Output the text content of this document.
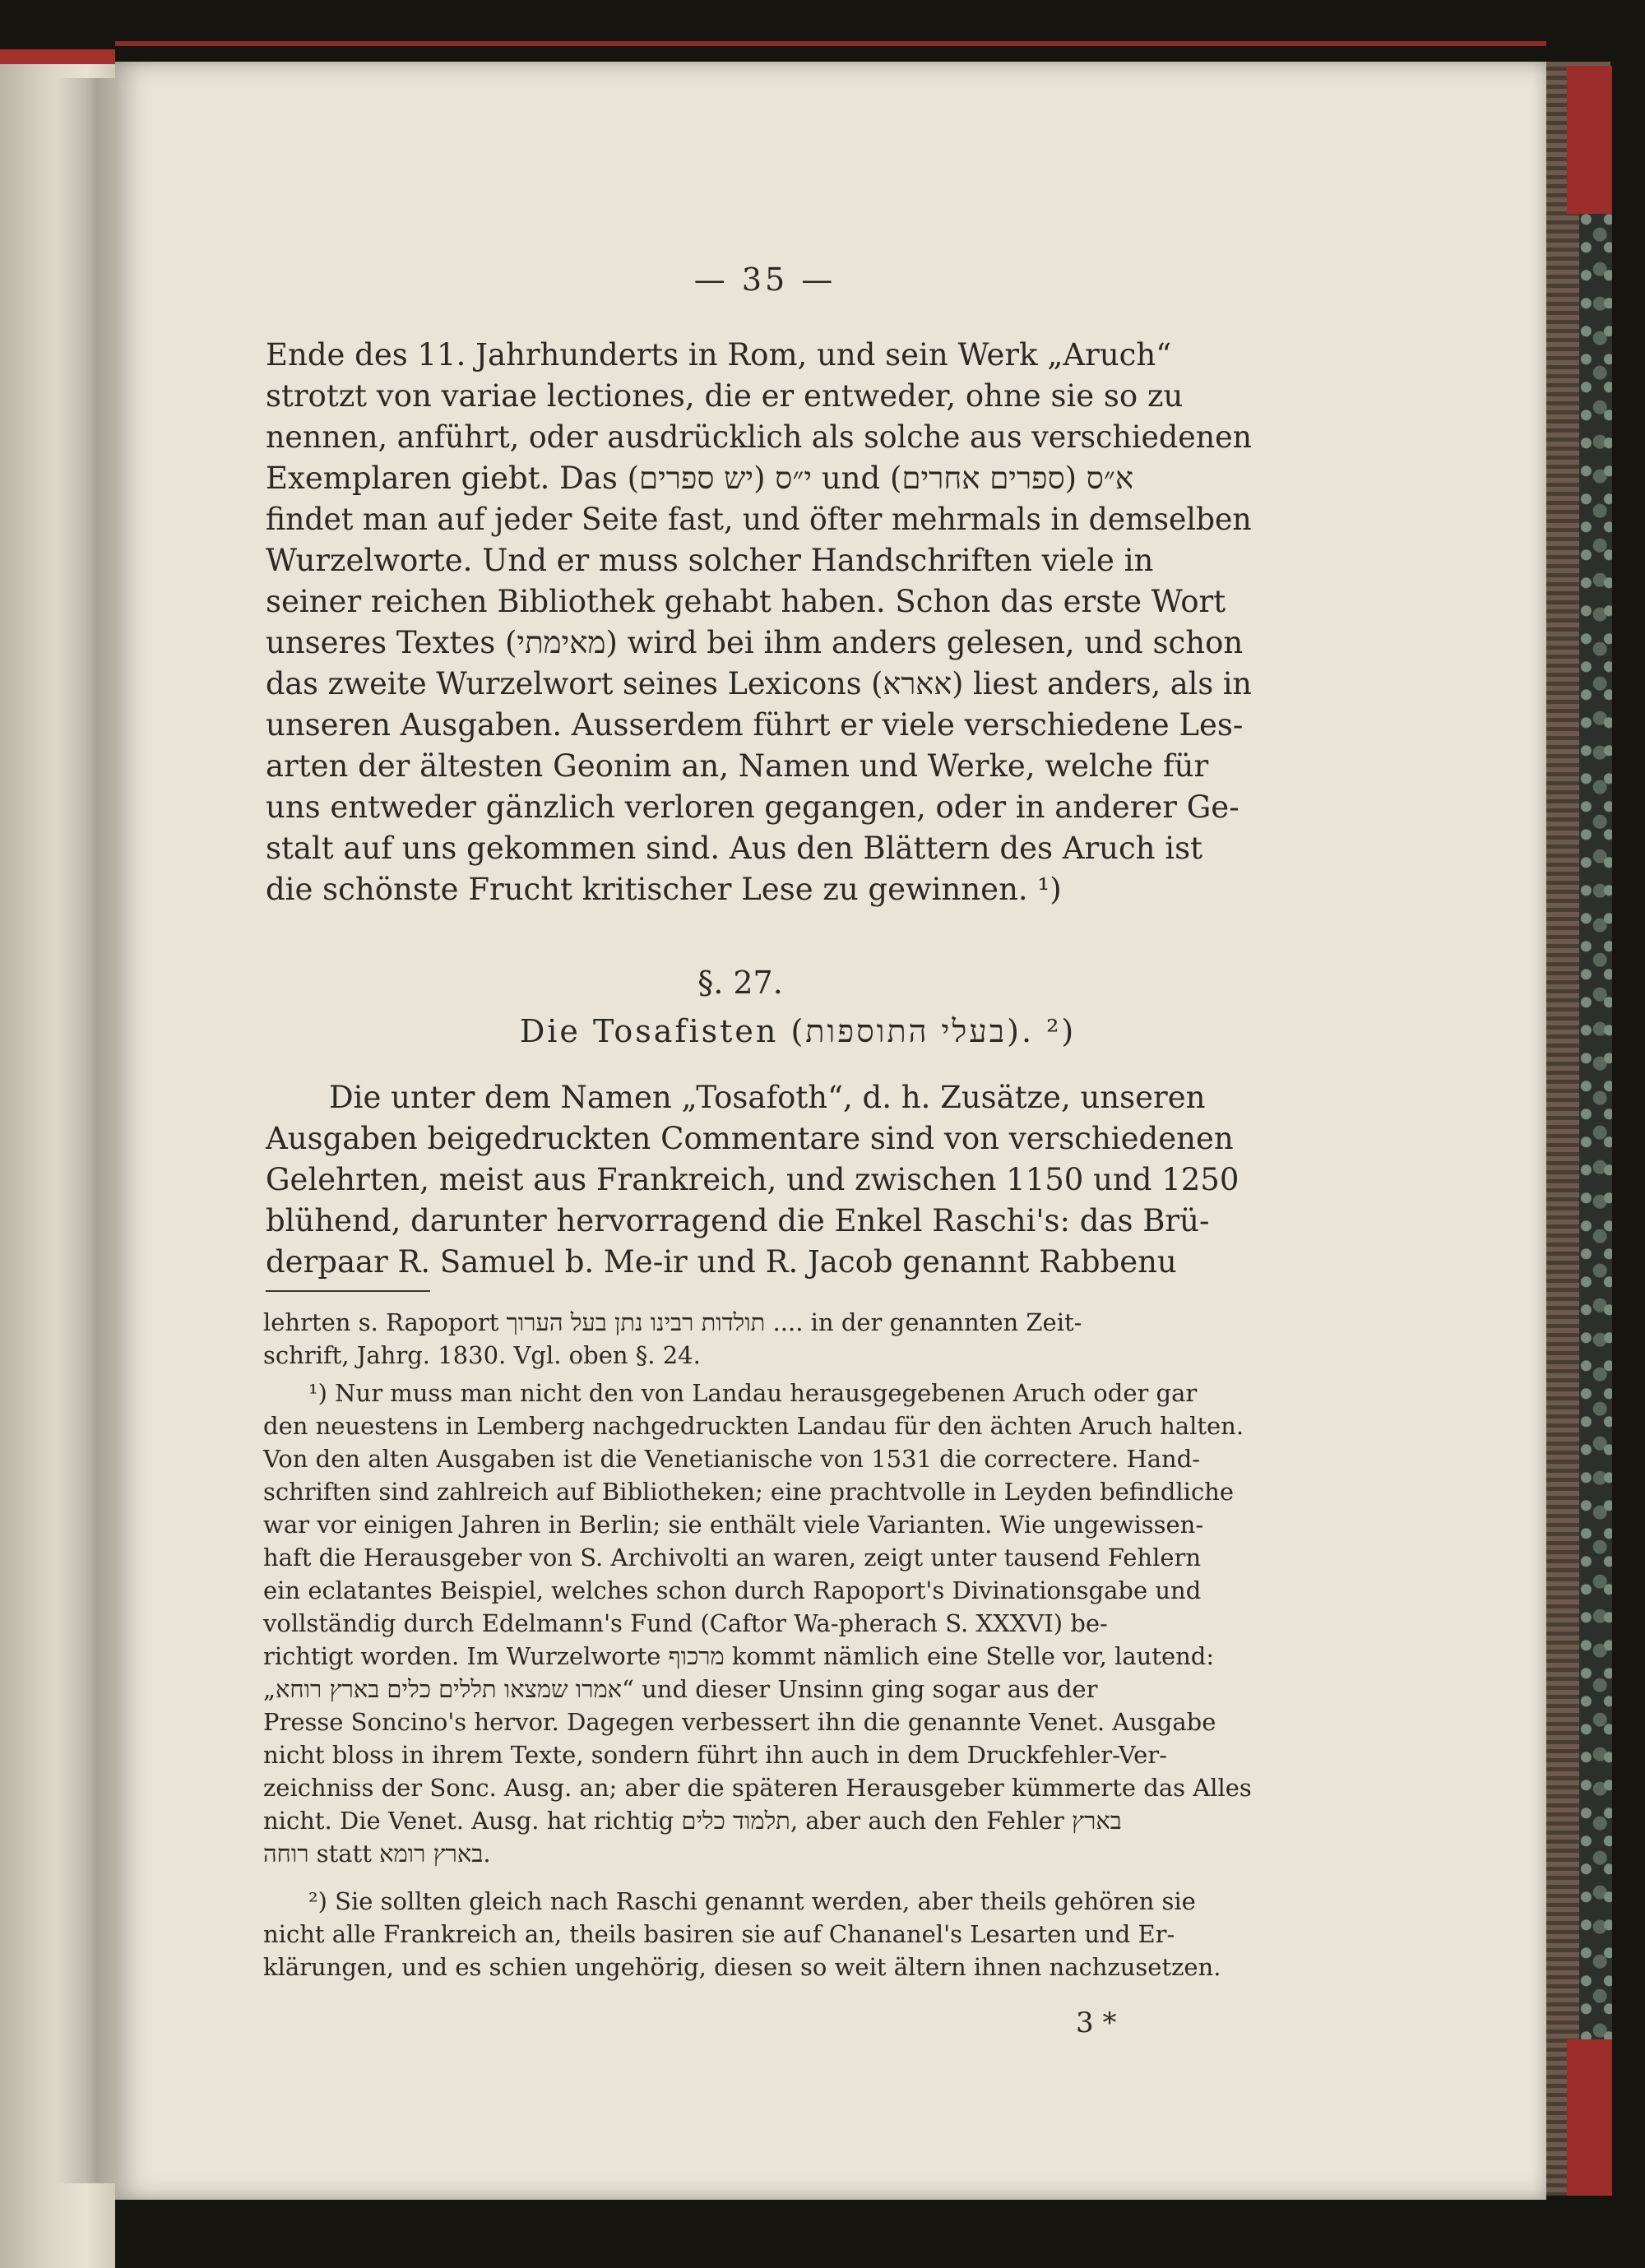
— 35 —
Ende des 11. Jahrhunderts in Rom, und sein Werk „Aruch“
strotzt von variae lectiones, die er entweder, ohne sie so zu
nennen, anführt, oder ausdrücklich als solche aus verschiedenen
Exemplaren giebt. Das י״ס (יש ספרים) und א״ס (ספרים אחרים)
findet man auf jeder Seite fast, und öfter mehrmals in demselben
Wurzelworte. Und er muss solcher Handschriften viele in
seiner reichen Bibliothek gehabt haben. Schon das erste Wort
unseres Textes (מאימתי) wird bei ihm anders gelesen, und schon
das zweite Wurzelwort seines Lexicons (אארא) liest anders, als in
unseren Ausgaben. Ausserdem führt er viele verschiedene Les-
arten der ältesten Geonim an, Namen und Werke, welche für
uns entweder gänzlich verloren gegangen, oder in anderer Ge-
stalt auf uns gekommen sind. Aus den Blättern des Aruch ist
die schönste Frucht kritischer Lese zu gewinnen. ¹)
§. 27.
Die Tosafisten (בעלי התוספות). ²)
Die unter dem Namen „Tosafoth“, d. h. Zusätze, unseren
Ausgaben beigedruckten Commentare sind von verschiedenen
Gelehrten, meist aus Frankreich, und zwischen 1150 und 1250
blühend, darunter hervorragend die Enkel Raschi's: das Brü-
derpaar R. Samuel b. Me-ir und R. Jacob genannt Rabbenu
lehrten s. Rapoport תולדות רבינו נתן בעל הערוך .... in der genannten Zeit-
schrift, Jahrg. 1830. Vgl. oben §. 24.
¹) Nur muss man nicht den von Landau herausgegebenen Aruch oder gar
den neuestens in Lemberg nachgedruckten Landau für den ächten Aruch halten.
Von den alten Ausgaben ist die Venetianische von 1531 die correctere. Hand-
schriften sind zahlreich auf Bibliotheken; eine prachtvolle in Leyden befindliche
war vor einigen Jahren in Berlin; sie enthält viele Varianten. Wie ungewissen-
haft die Herausgeber von S. Archivolti an waren, zeigt unter tausend Fehlern
ein eclatantes Beispiel, welches schon durch Rapoport's Divinationsgabe und
vollständig durch Edelmann's Fund (Caftor Wa-pherach S. XXXVI) be-
richtigt worden. Im Wurzelworte מרכוף kommt nämlich eine Stelle vor, lautend:
„אמרו שמצאו תללים כלים בארץ רוחא“ und dieser Unsinn ging sogar aus der
Presse Soncino's hervor. Dagegen verbessert ihn die genannte Venet. Ausgabe
nicht bloss in ihrem Texte, sondern führt ihn auch in dem Druckfehler-Ver-
zeichniss der Sonc. Ausg. an; aber die späteren Herausgeber kümmerte das Alles
nicht. Die Venet. Ausg. hat richtig תלמוד כלים, aber auch den Fehler בארץ
רוחה statt בארץ רומא.
²) Sie sollten gleich nach Raschi genannt werden, aber theils gehören sie
nicht alle Frankreich an, theils basiren sie auf Chananel's Lesarten und Er-
klärungen, und es schien ungehörig, diesen so weit ältern ihnen nachzusetzen.
3 *
